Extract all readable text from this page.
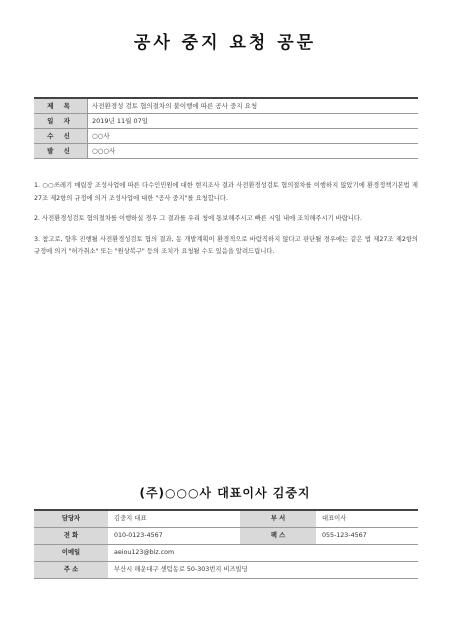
공사 중지 요청 공문
제 목	사전환경성 검토 협의절차의 불이행에 따른 공사 중지 요청
일 자	2019년 11월 07일
수 신	○○사
발 신	○○○사

1. ○○쓰레기 매립장 조성사업에 따른 다수인민원에 대한 현지조사 결과 사전환경성검토 협의절차를 이행하지 않았기에 환경정책기본법 제27조 제2항의 규정에 의거 조성사업에 대한 "공사 중지"를 요청합니다.

2. 사전환경성검토 협의절차를 이행하실 경우 그 결과를 우리 청에 통보해주시고 빠른 시일 내에 조치해주시기 바랍니다.

3. 참고로, 향후 진행될 사전환경성검토 협의 결과, 동 개발계획이 환경적으로 바람직하지 않다고 판단될 경우에는 같은 법 제27조 제2항의 규정에 의거 "허가취소" 또는 "원상복구" 등의 조치가 요청될 수도 있음을 알려드립니다.

(주)○○○사 대표이사 김중지
담당자	김중지 대표	부 서	대표이사
전 화	010-0123-4567	팩 스	055-123-4567
이메일	aeiou123@biz.com		
주 소	부산시 해운대구 센텀동로 50-303번지 비즈빌딩		
